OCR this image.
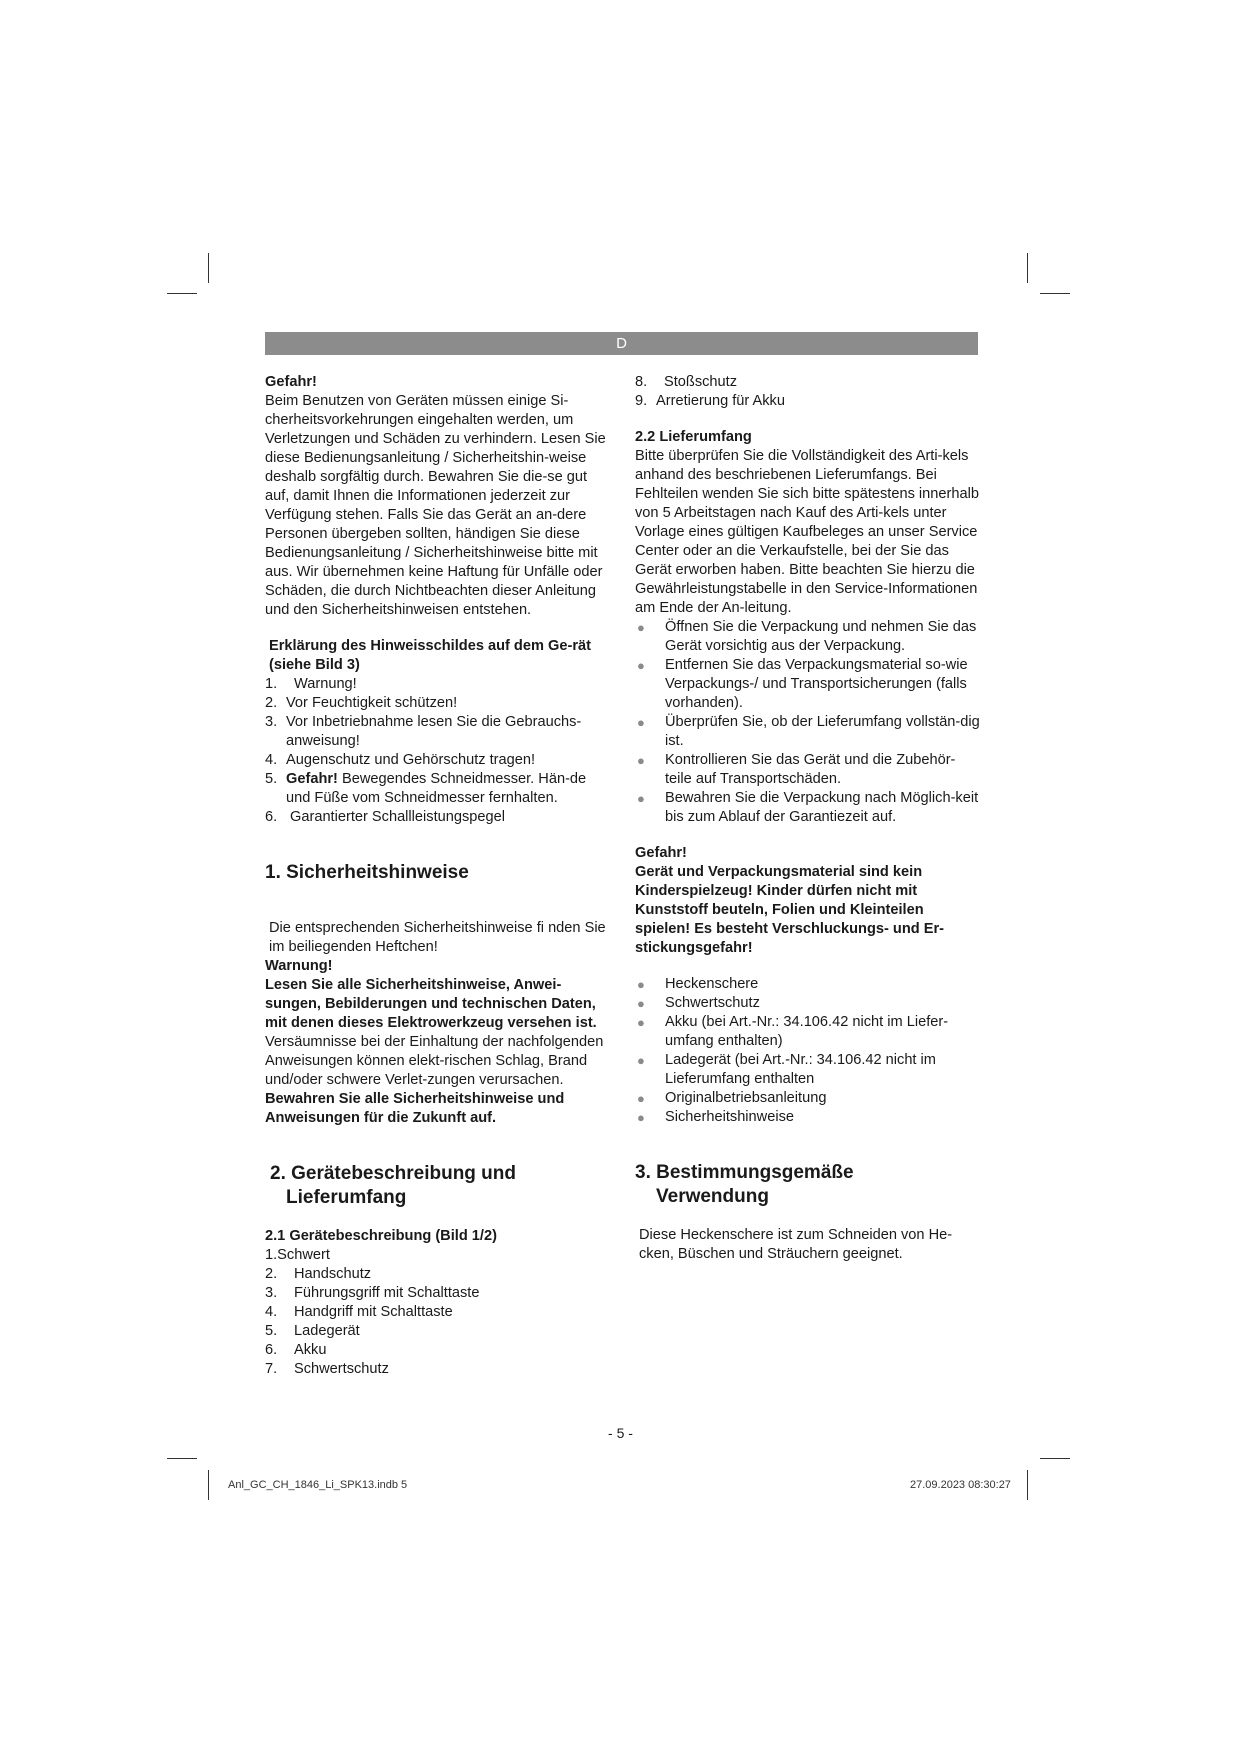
D

Gefahr!

Beim Benutzen von Geräten müssen einige Si-cherheitsvorkehrungen eingehalten werden, um Verletzungen und Schäden zu verhindern. Lesen Sie diese Bedienungsanleitung / Sicherheitshin-weise deshalb sorgfältig durch. Bewahren Sie die-se gut auf, damit Ihnen die Informationen jederzeit zur Verfügung stehen. Falls Sie das Gerät an an-dere Personen übergeben sollten, händigen Sie diese Bedienungsanleitung / Sicherheitshinweise bitte mit aus. Wir übernehmen keine Haftung für Unfälle oder Schäden, die durch Nichtbeachten dieser Anleitung und den Sicherheitshinweisen entstehen.

Erklärung des Hinweisschildes auf dem Ge-rät (siehe Bild 3)

1.	Warnung!
2. Vor Feuchtigkeit schützen!
3. Vor Inbetriebnahme lesen Sie die Gebrauchs-anweisung!
4. Augenschutz und Gehörschutz tragen!
5. Gefahr! Bewegendes Schneidmesser. Hän-de und Füße vom Schneidmesser fernhalten.
6. Garantierter Schallleistungspegel

1. Sicherheitshinweise

Die entsprechenden Sicherheitshinweise fi nden Sie im beiliegenden Heftchen!

Warnung!

Lesen Sie alle Sicherheitshinweise, Anwei-sungen, Bebilderungen und technischen Daten, mit denen dieses Elektrowerkzeug versehen ist. Versäumnisse bei der Einhaltung der nachfolgenden Anweisungen können elekt-rischen Schlag, Brand und/oder schwere Verlet-zungen verursachen.

Bewahren Sie alle Sicherheitshinweise und Anweisungen für die Zukunft auf.

2. Gerätebeschreibung und

Lieferumfang

2.1 Gerätebeschreibung (Bild 1/2)

1.Schwert

2.	Handschutz
3.	Führungsgriff mit Schalttaste
4.	Handgriff mit Schalttaste
5.	Ladegerät
6.	Akku
7.	Schwertschutz
8.	Stoßschutz
9. Arretierung für Akku

2.2 Lieferumfang

Bitte überprüfen Sie die Vollständigkeit des Arti-kels anhand des beschriebenen Lieferumfangs. Bei Fehlteilen wenden Sie sich bitte spätestens innerhalb von 5 Arbeitstagen nach Kauf des Arti-kels unter Vorlage eines gültigen Kaufbeleges an unser Service Center oder an die Verkaufstelle, bei der Sie das Gerät erworben haben. Bitte beachten Sie hierzu die Gewährleistungstabelle in den Service-Informationen am Ende der An-leitung.

●	Öffnen Sie die Verpackung und nehmen Sie das Gerät vorsichtig aus der Verpackung.
●	Entfernen Sie das Verpackungsmaterial so-wie Verpackungs-/ und Transportsicherungen (falls vorhanden).
●	Überprüfen Sie, ob der Lieferumfang vollstän-dig ist.
●	Kontrollieren Sie das Gerät und die Zubehör-teile auf Transportschäden.
●	Bewahren Sie die Verpackung nach Möglich-keit bis zum Ablauf der Garantiezeit auf.

Gefahr!

Gerät und Verpackungsmaterial sind kein Kinderspielzeug! Kinder dürfen nicht mit Kunststoff beuteln, Folien und Kleinteilen spielen! Es besteht Verschluckungs- und Er-stickungsgefahr!

●	Heckenschere
●	Schwertschutz
●	Akku (bei Art.-Nr.: 34.106.42 nicht im Liefer-umfang enthalten)
●	Ladegerät (bei Art.-Nr.: 34.106.42 nicht im Lieferumfang enthalten
●	Originalbetriebsanleitung
●	Sicherheitshinweise

3. Bestimmungsgemäße

Verwendung

Diese Heckenschere ist zum Schneiden von He-cken, Büschen und Sträuchern geeignet.

- 5 -
Anl_GC_CH_1846_Li_SPK13.indb 5	27.09.2023 08:30:27
